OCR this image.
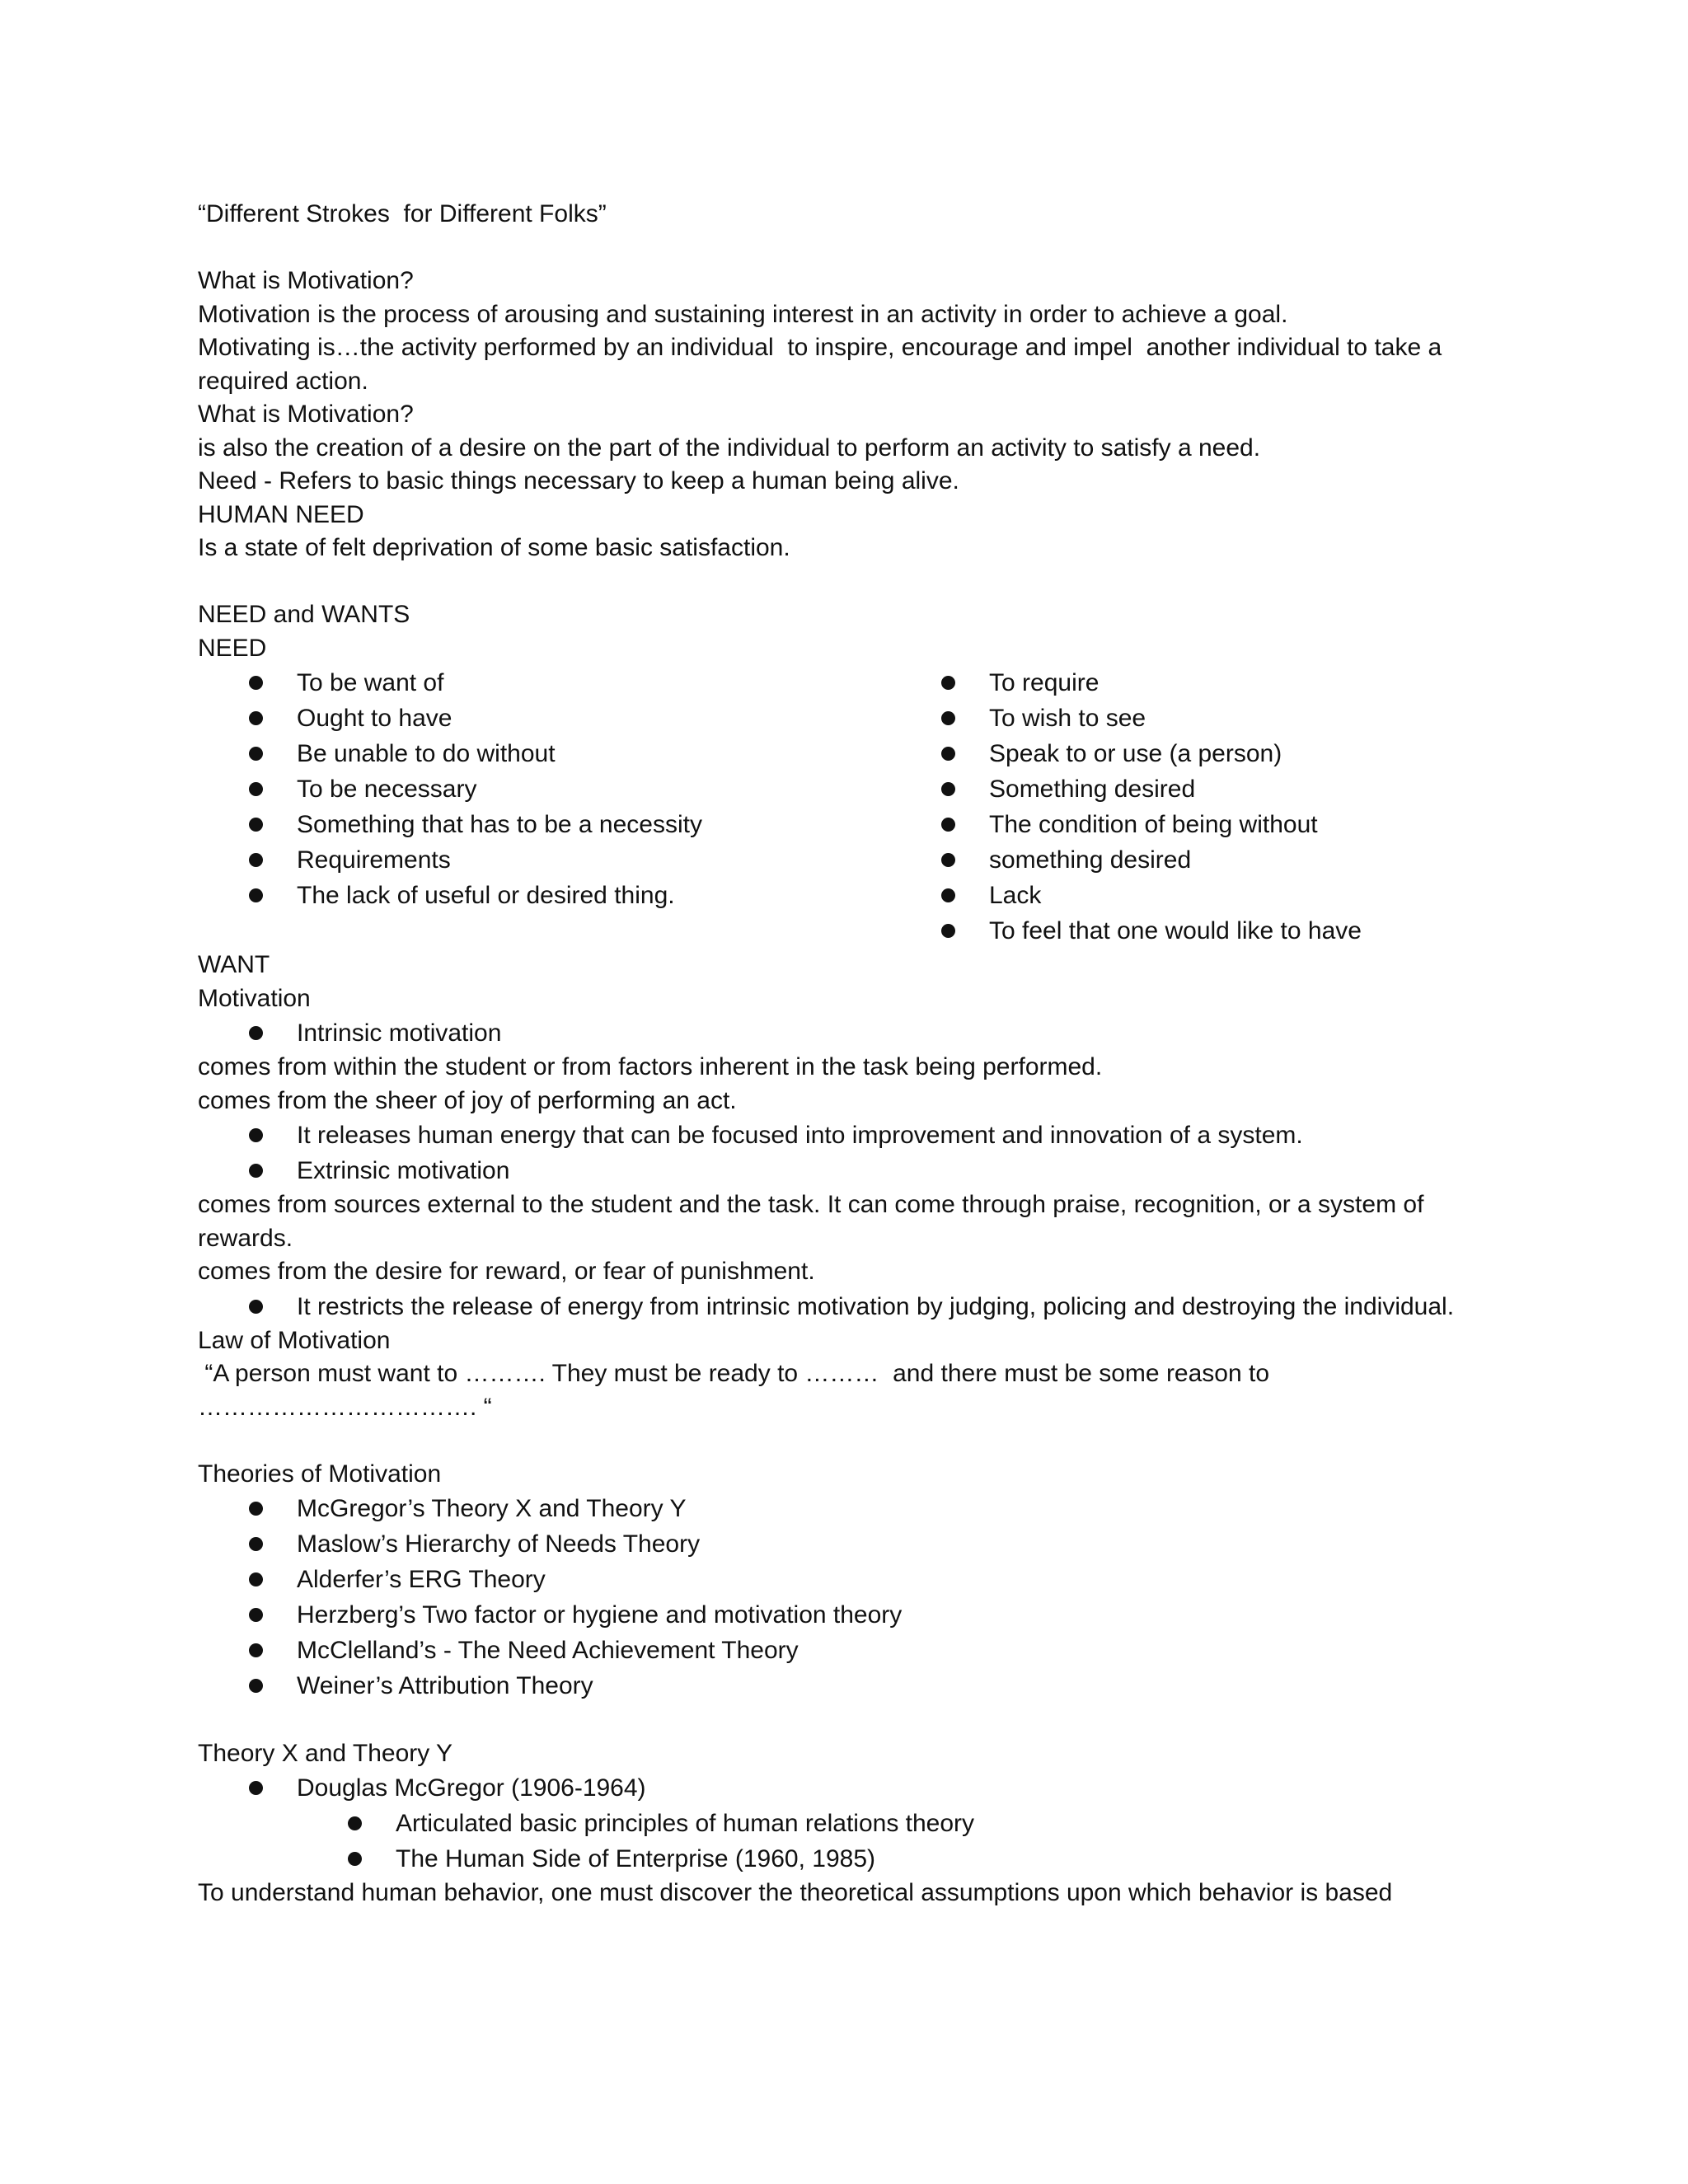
“Different Strokes  for Different Folks”
What is Motivation?
Motivation is the process of arousing and sustaining interest in an activity in order to achieve a goal.
Motivating is…the activity performed by an individual  to inspire, encourage and impel  another individual to take a required action.
What is Motivation?
is also the creation of a desire on the part of the individual to perform an activity to satisfy a need.
Need - Refers to basic things necessary to keep a human being alive.
HUMAN NEED
Is a state of felt deprivation of some basic satisfaction.
NEED and WANTS
NEED
To be want of
Ought to have
Be unable to do without
To be necessary
Something that has to be a necessity
Requirements
The lack of useful or desired thing.
To require
To wish to see
Speak to or use (a person)
Something desired
The condition of being without
something desired
Lack
To feel that one would like to have
WANT
Motivation
Intrinsic motivation
comes from within the student or from factors inherent in the task being performed.
comes from the sheer of joy of performing an act.
It releases human energy that can be focused into improvement and innovation of a system.
Extrinsic motivation
comes from sources external to the student and the task. It can come through praise, recognition, or a system of rewards.
comes from the desire for reward, or fear of punishment.
It restricts the release of energy from intrinsic motivation by judging, policing and destroying the individual.
Law of Motivation
“A person must want to ………. They must be ready to ………  and there must be some reason to
……………………………. “
Theories of Motivation
McGregor’s Theory X and Theory Y
Maslow’s Hierarchy of Needs Theory
Alderfer’s ERG Theory
Herzberg’s Two factor or hygiene and motivation theory
McClelland’s - The Need Achievement Theory
Weiner’s Attribution Theory
Theory X and Theory Y
Douglas McGregor (1906-1964)
Articulated basic principles of human relations theory
The Human Side of Enterprise (1960, 1985)
To understand human behavior, one must discover the theoretical assumptions upon which behavior is based
